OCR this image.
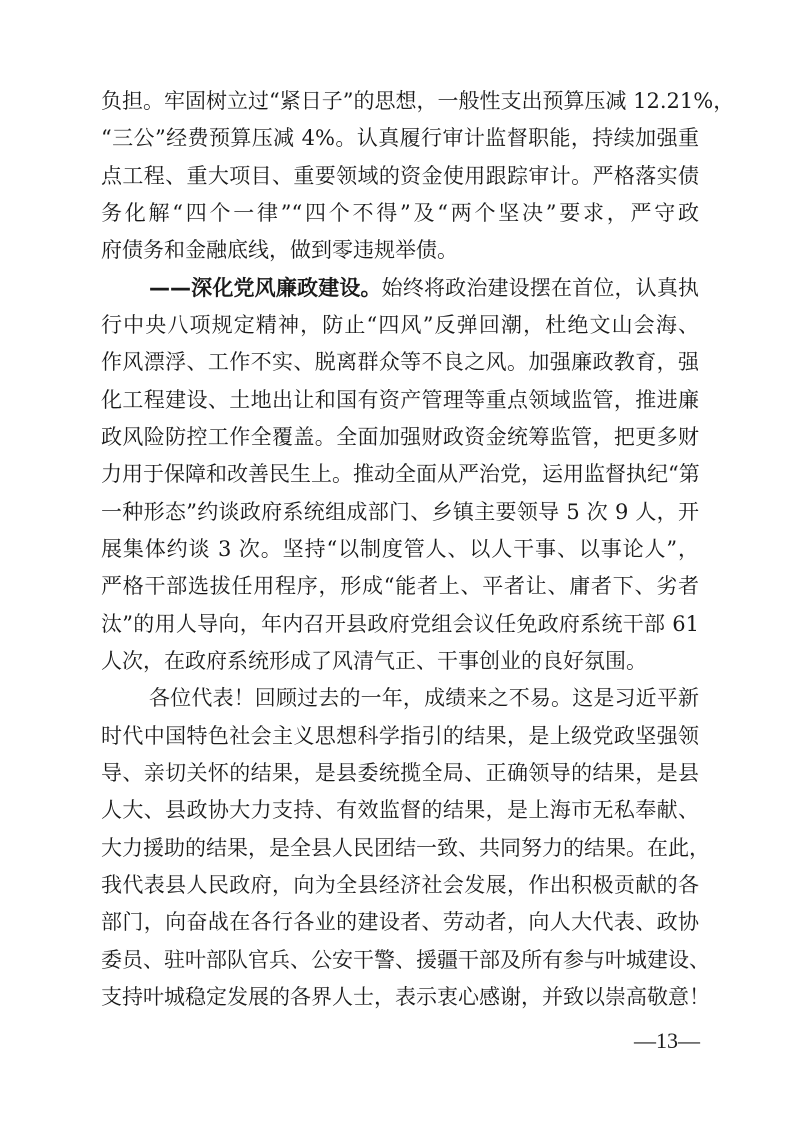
负担。牢固树立过“紧日子”的思想，一般性支出预算压减 12.21%，
“三公”经费预算压减 4%。认真履行审计监督职能，持续加强重
点工程、重大项目、重要领域的资金使用跟踪审计。严格落实债
务化解“四个一律”“四个不得”及“两个坚决”要求，严守政
府债务和金融底线，做到零违规举债。
——深化党风廉政建设。始终将政治建设摆在首位，认真执
行中央八项规定精神，防止“四风”反弹回潮，杜绝文山会海、
作风漂浮、工作不实、脱离群众等不良之风。加强廉政教育，强
化工程建设、土地出让和国有资产管理等重点领域监管，推进廉
政风险防控工作全覆盖。全面加强财政资金统筹监管，把更多财
力用于保障和改善民生上。推动全面从严治党，运用监督执纪“第
一种形态”约谈政府系统组成部门、乡镇主要领导 5 次 9 人，开
展集体约谈 3 次。坚持“以制度管人、以人干事、以事论人”，
严格干部选拔任用程序，形成“能者上、平者让、庸者下、劣者
汰”的用人导向，年内召开县政府党组会议任免政府系统干部 61
人次，在政府系统形成了风清气正、干事创业的良好氛围。
各位代表！回顾过去的一年，成绩来之不易。这是习近平新
时代中国特色社会主义思想科学指引的结果，是上级党政坚强领
导、亲切关怀的结果，是县委统揽全局、正确领导的结果，是县
人大、县政协大力支持、有效监督的结果，是上海市无私奉献、
大力援助的结果，是全县人民团结一致、共同努力的结果。在此，
我代表县人民政府，向为全县经济社会发展，作出积极贡献的各
部门，向奋战在各行各业的建设者、劳动者，向人大代表、政协
委员、驻叶部队官兵、公安干警、援疆干部及所有参与叶城建设、
支持叶城稳定发展的各界人士，表示衷心感谢，并致以崇高敬意！
—13—
